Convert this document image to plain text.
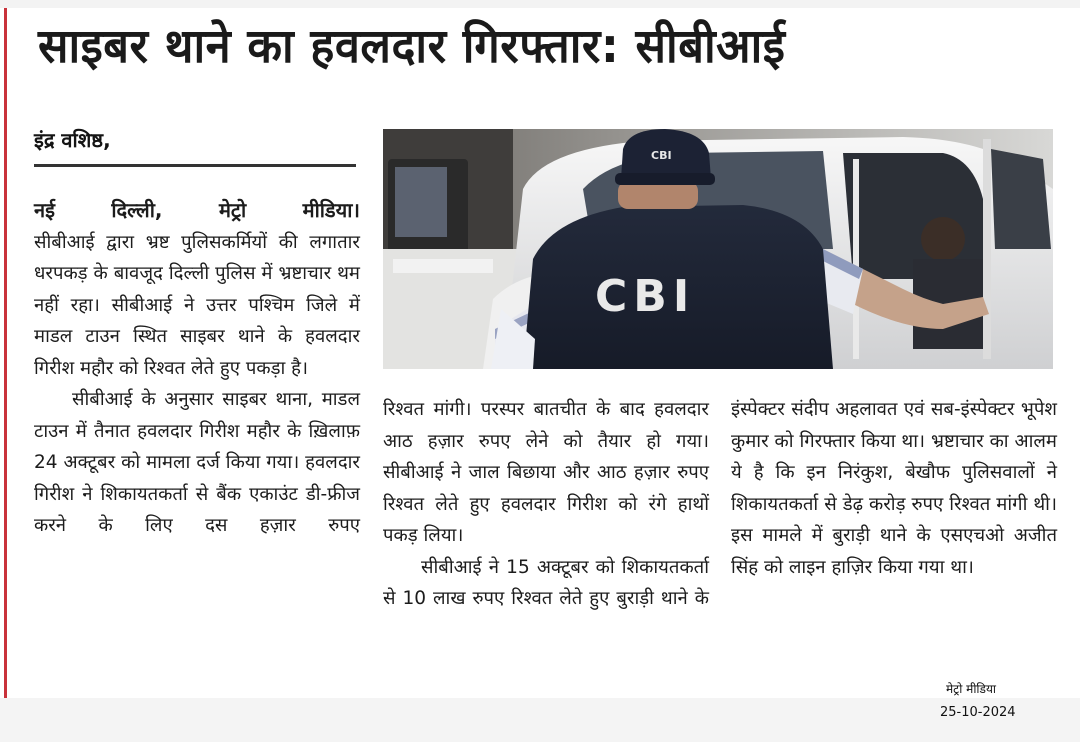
साइबर थाने का हवलदार गिरफ्तार: सीबीआई
इंद्र वशिष्ठ,

नई दिल्ली, मेट्रो मीडिया।

सीबीआई द्वारा भ्रष्ट पुलिसकर्मियों की लगातार धरपकड़ के बावजूद दिल्ली पुलिस में भ्रष्टाचार थम नहीं रहा। सीबीआई ने उत्तर पश्चिम जिले में माडल टाउन स्थित साइबर थाने के हवलदार गिरीश महौर को रिश्वत लेते हुए पकड़ा है।

सीबीआई के अनुसार साइबर थाना, माडल टाउन में तैनात हवलदार गिरीश महौर के ख़िलाफ़ 24 अक्टूबर को मामला दर्ज किया गया। हवलदार गिरीश ने शिकायतकर्ता से बैंक एकाउंट डी-फ्रीज करने के लिए दस हज़ार रुपए

CBI
CBI

रिश्वत मांगी। परस्पर बातचीत के बाद हवलदार आठ हज़ार रुपए लेने को तैयार हो गया। सीबीआई ने जाल बिछाया और आठ हज़ार रुपए रिश्वत लेते हुए हवलदार गिरीश को रंगे हाथों पकड़ लिया।

सीबीआई ने 15 अक्टूबर को शिकायतकर्ता से 10 लाख रुपए रिश्वत लेते हुए बुराड़ी थाने के

इंस्पेक्टर संदीप अहलावत एवं सब-इंस्पेक्टर भूपेश कुमार को गिरफ्तार किया था। भ्रष्टाचार का आलम ये है कि इन निरंकुश, बेखौफ पुलिसवालों ने शिकायतकर्ता से डेढ़ करोड़ रुपए रिश्वत मांगी थी। इस मामले में बुराड़ी थाने के एसएचओ अजीत सिंह को लाइन हाज़िर किया गया था।

मेट्रो मीडिया
25-10-2024
